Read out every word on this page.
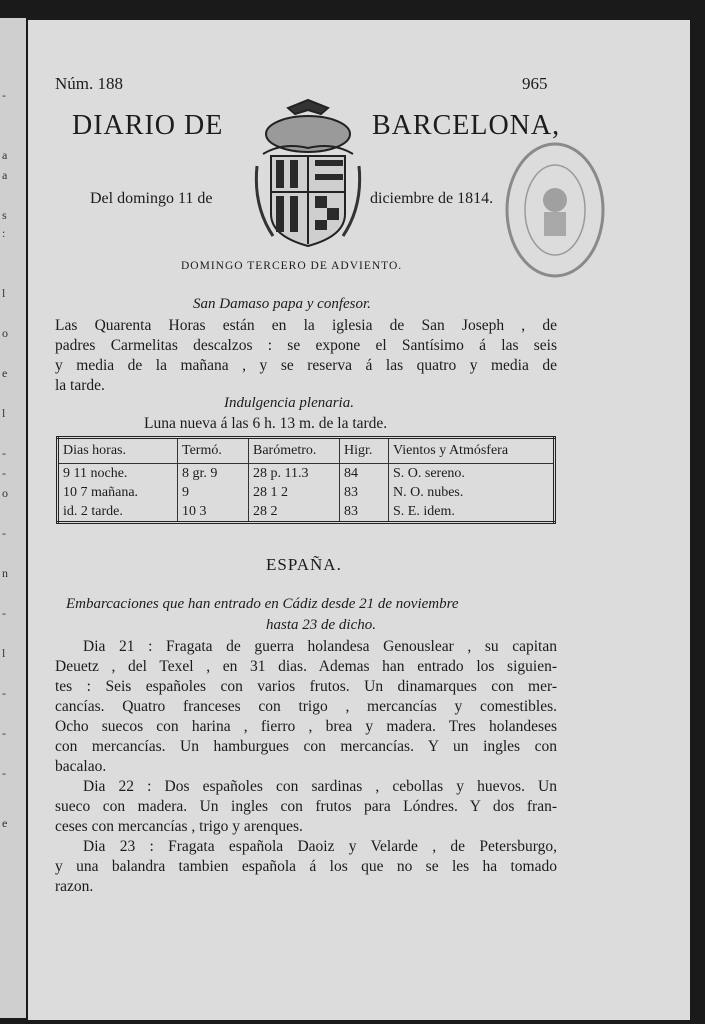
-
a
a
s
:
l
o
e
l
-
-
o
-
n
-
l
-
-
-
e
Núm. 188	965
DIARIO DE	BARCELONA,
Del domingo 11 de	diciembre de 1814.
DOMINGO TERCERO DE ADVIENTO.
San Damaso papa y confesor.
Las Quarenta Horas están en la iglesia de San Joseph , de
padres Carmelitas descalzos : se expone el Santísimo á las seis
y media de la mañana , y se reserva á las quatro y media de
la tarde.
Indulgencia plenaria.
Luna nueva á las 6 h. 13 m. de la tarde.
Dias horas.	Termó.	Barómetro.	Higr.	Vientos y Atmósfera
9 11 noche.	8 gr. 9	28 p. 11.3	84	S. O. sereno.
10 7 mañana.	9	28 1 2	83	N. O. nubes.
id. 2 tarde.	10 3	28 2	83	S. E. idem.
ESPAÑA.
Embarcaciones que han entrado en Cádiz desde 21 de noviembre
hasta 23 de dicho.
Dia 21 : Fragata de guerra holandesa Genouslear , su capitan
Deuetz , del Texel , en 31 dias. Ademas han entrado los siguien-
tes : Seis españoles con varios frutos. Un dinamarques con mer-
cancías. Quatro franceses con trigo , mercancías y comestibles.
Ocho suecos con harina , fierro , brea y madera. Tres holandeses
con mercancías. Un hamburgues con mercancías. Y un ingles con
bacalao.
Dia 22 : Dos españoles con sardinas , cebollas y huevos. Un
sueco con madera. Un ingles con frutos para Lóndres. Y dos fran-
ceses con mercancías , trigo y arenques.
Dia 23 : Fragata española Daoiz y Velarde , de Petersburgo,
y una balandra tambien española á los que no se les ha tomado
razon.
